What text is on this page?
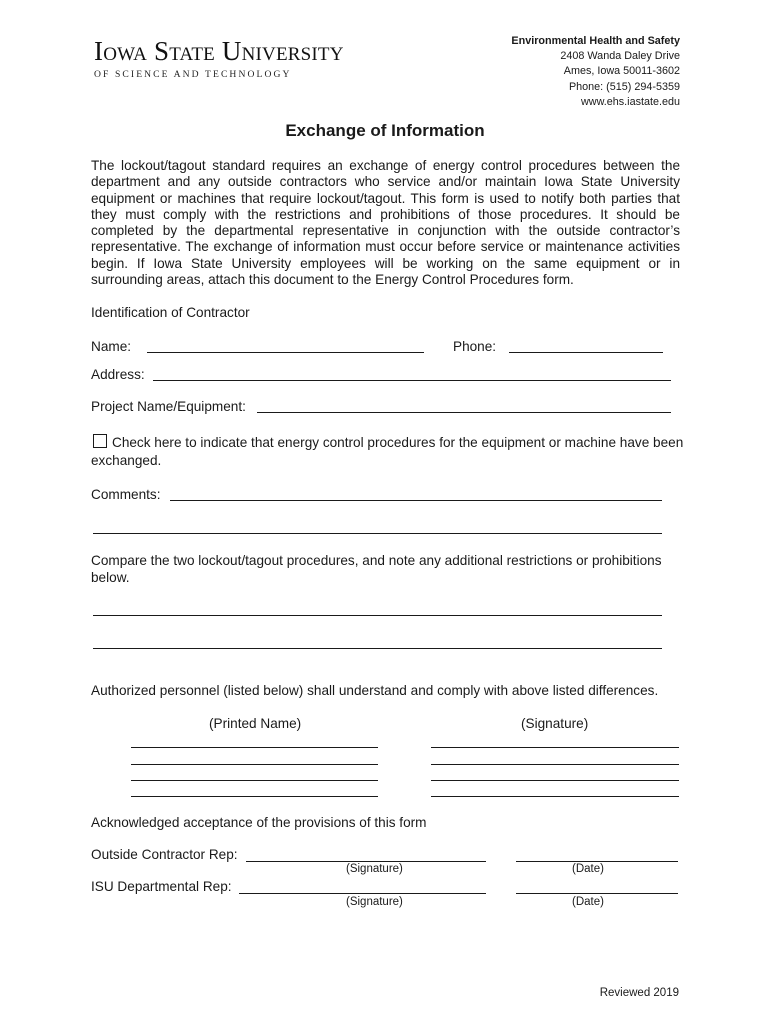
Iowa State University
OF SCIENCE AND TECHNOLOGY
Environmental Health and Safety
2408 Wanda Daley Drive
Ames, Iowa 50011-3602
Phone: (515) 294-5359
www.ehs.iastate.edu
Exchange of Information
The lockout/tagout standard requires an exchange of energy control procedures between the department and any outside contractors who service and/or maintain Iowa State University equipment or machines that require lockout/tagout. This form is used to notify both parties that they must comply with the restrictions and prohibitions of those procedures. It should be completed by the departmental representative in conjunction with the outside contractor’s representative. The exchange of information must occur before service or maintenance activities begin. If Iowa State University employees will be working on the same equipment or in surrounding areas, attach this document to the Energy Control Procedures form.
Identification of Contractor
Name:	Phone:
Address:
Project Name/Equipment:
Check here to indicate that energy control procedures for the equipment or machine have been exchanged.
Comments:
Compare the two lockout/tagout procedures, and note any additional restrictions or prohibitions below.
Authorized personnel (listed below) shall understand and comply with above listed differences.
(Printed Name)	(Signature)
Acknowledged acceptance of the provisions of this form
Outside Contractor Rep:
(Signature)	(Date)
ISU Departmental Rep:
(Signature)	(Date)
Reviewed 2019
